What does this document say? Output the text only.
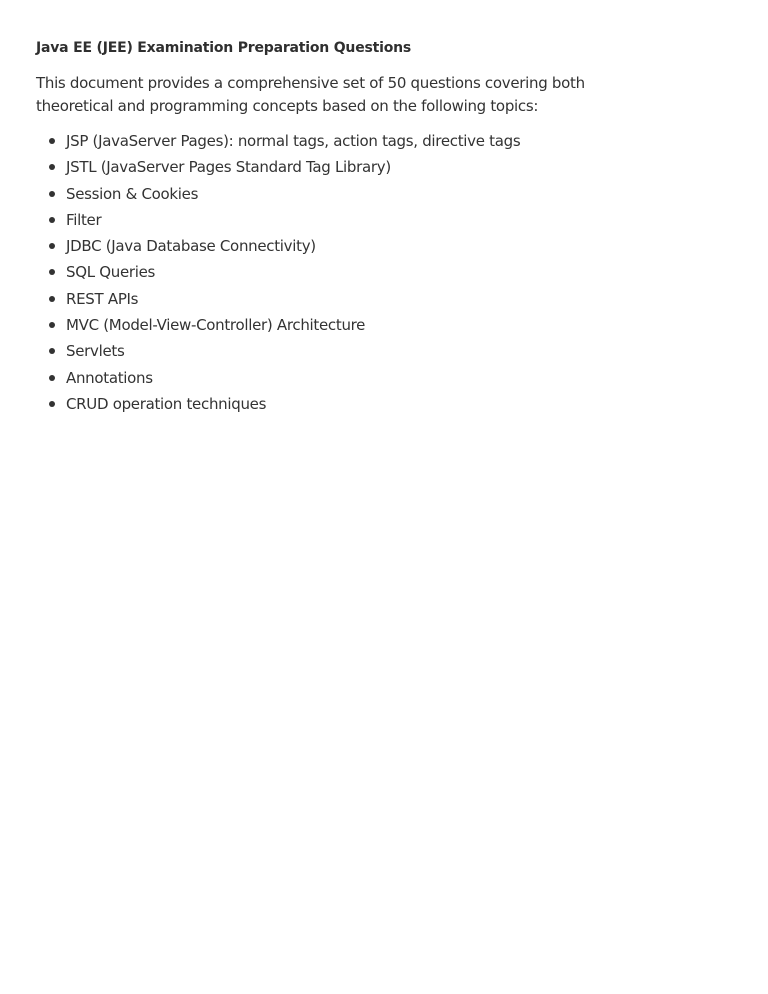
Java EE (JEE) Examination Preparation Questions

This document provides a comprehensive set of 50 questions covering both theoretical and programming concepts based on the following topics:

JSP (JavaServer Pages): normal tags, action tags, directive tags
JSTL (JavaServer Pages Standard Tag Library)
Session & Cookies
Filter
JDBC (Java Database Connectivity)
SQL Queries
REST APIs
MVC (Model-View-Controller) Architecture
Servlets
Annotations
CRUD operation techniques
